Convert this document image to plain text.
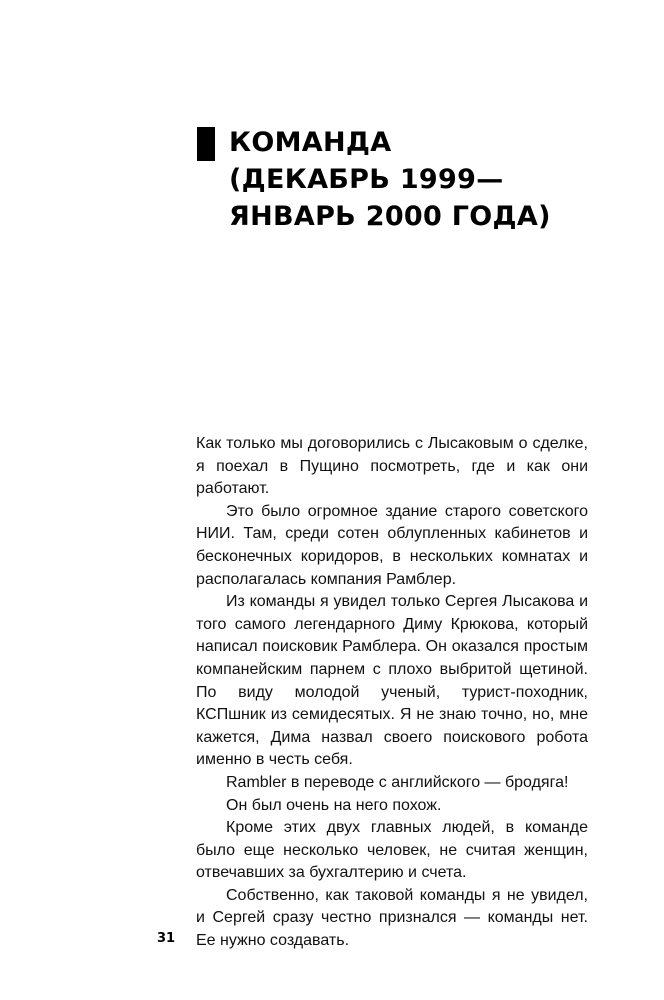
КОМАНДА
(ДЕКАБРЬ 1999—
ЯНВАРЬ 2000 ГОДА)

Как только мы договорились с Лысаковым о сделке, я поехал в Пущино посмотреть, где и как они работают.

Это было огромное здание старого советского НИИ. Там, среди сотен облупленных кабинетов и бесконечных коридоров, в нескольких комнатах и располагалась компания Рамблер.

Из команды я увидел только Сергея Лысакова и того самого легендарного Диму Крюкова, который написал поисковик Рамблера. Он оказался простым компанейским парнем с плохо выбритой щетиной. По виду молодой ученый, турист-походник, КСПшник из семидесятых. Я не знаю точно, но, мне кажется, Дима назвал своего поискового робота именно в честь себя.

Rambler в переводе с английского — бродяга!

Он был очень на него похож.

Кроме этих двух главных людей, в команде было еще несколько человек, не считая женщин, отвечавших за бухгалтерию и счета.

Собственно, как таковой команды я не увидел, и Сергей сразу честно признался — команды нет. Ее нужно создавать.

31
